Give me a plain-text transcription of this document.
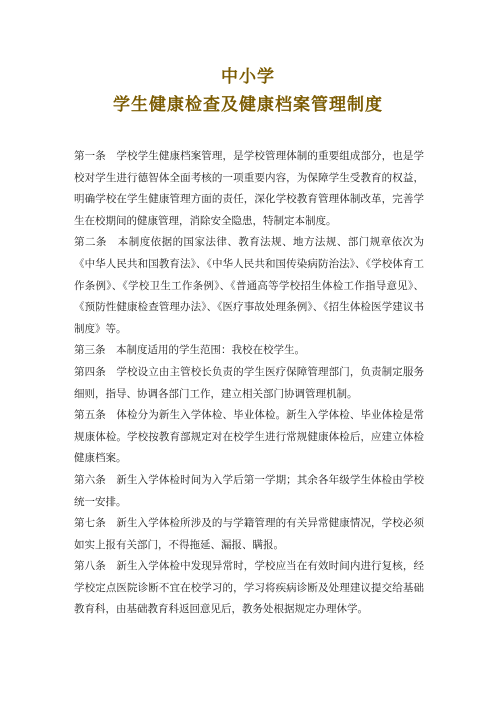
中小学
学生健康检查及健康档案管理制度

第一条　学校学生健康档案管理，是学校管理体制的重要组成部分，也是学校对学生进行德智体全面考核的一项重要内容，为保障学生受教育的权益，明确学校在学生健康管理方面的责任，深化学校教育管理体制改革，完善学生在校期间的健康管理，消除安全隐患，特制定本制度。

第二条　本制度依据的国家法律、教育法规、地方法规、部门规章依次为《中华人民共和国教育法》、《中华人民共和国传染病防治法》、《学校体育工作条例》、《学校卫生工作条例》、《普通高等学校招生体检工作指导意见》、《预防性健康检查管理办法》、《医疗事故处理条例》、《招生体检医学建议书制度》等。

第三条　本制度适用的学生范围：我校在校学生。

第四条　学校设立由主管校长负责的学生医疗保障管理部门，负责制定服务细则，指导、协调各部门工作，建立相关部门协调管理机制。

第五条　体检分为新生入学体检、毕业体检。新生入学体检、毕业体检是常规康体检。学校按教育部规定对在校学生进行常规健康体检后，应建立体检健康档案。

第六条　新生入学体检时间为入学后第一学期；其余各年级学生体检由学校统一安排。

第七条　新生入学体检所涉及的与学籍管理的有关异常健康情况，学校必须如实上报有关部门，不得拖延、漏报、瞒报。

第八条　新生入学体检中发现异常时，学校应当在有效时间内进行复核，经学校定点医院诊断不宜在校学习的，学习将疾病诊断及处理建议提交给基础教育科，由基础教育科返回意见后，教务处根据规定办理休学。
